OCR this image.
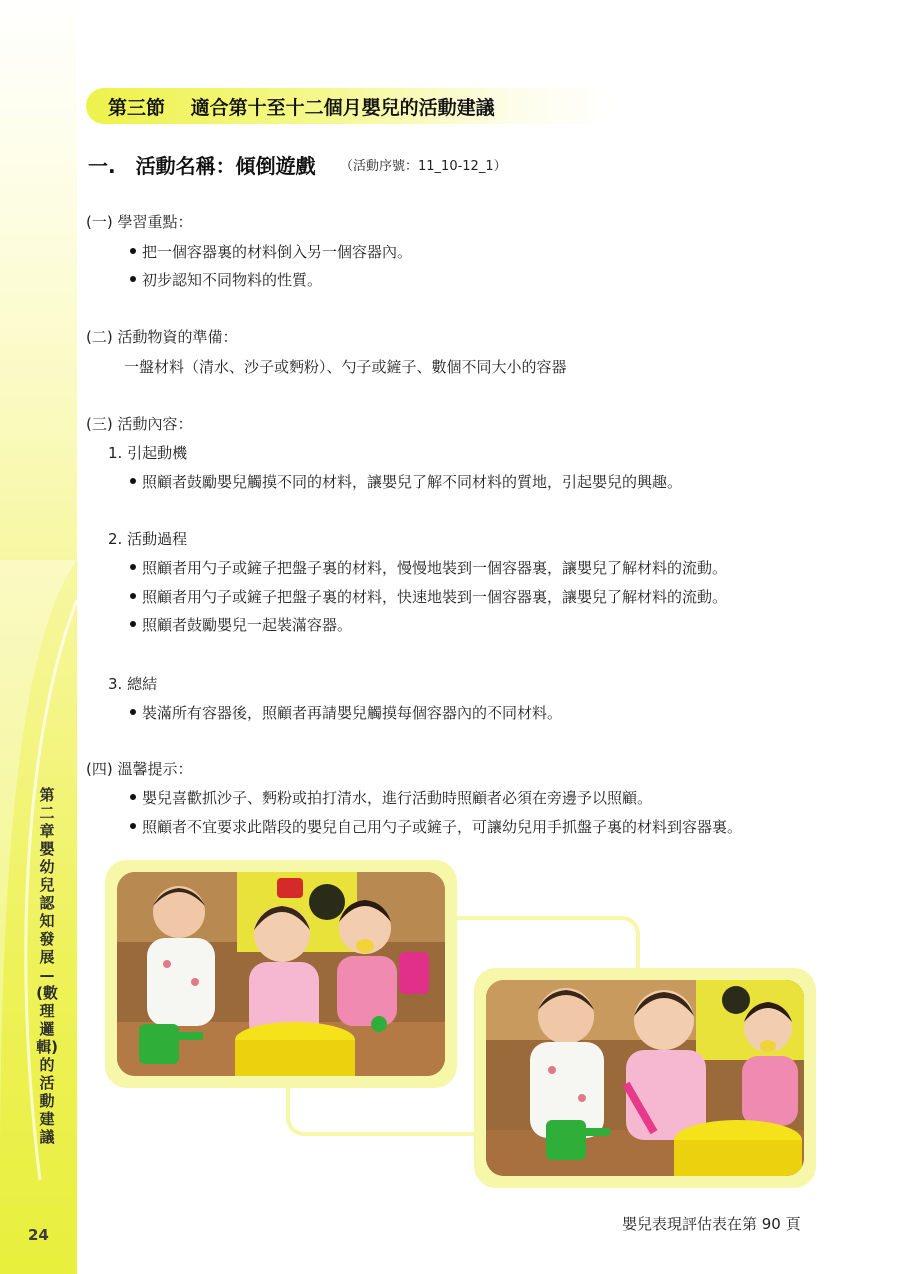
第二章　嬰幼兒認知發展—(數理邏輯)的活動建議
24
第三節　 適合第十至十二個月嬰兒的活動建議
一.　活動名稱：傾倒遊戲 （活動序號：11_10-12_1）
(一) 學習重點：
把一個容器裏的材料倒入另一個容器內。
初步認知不同物料的性質。
(二) 活動物資的準備：
一盤材料（清水、沙子或麪粉）、勺子或鏟子、數個不同大小的容器
(三) 活動內容：
1. 引起動機
照顧者鼓勵嬰兒觸摸不同的材料，讓嬰兒了解不同材料的質地，引起嬰兒的興趣。
2. 活動過程
照顧者用勺子或鏟子把盤子裏的材料，慢慢地裝到一個容器裏，讓嬰兒了解材料的流動。
照顧者用勺子或鏟子把盤子裏的材料，快速地裝到一個容器裏，讓嬰兒了解材料的流動。
照顧者鼓勵嬰兒一起裝滿容器。
3. 總結
裝滿所有容器後，照顧者再請嬰兒觸摸每個容器內的不同材料。
(四) 溫馨提示：
嬰兒喜歡抓沙子、麪粉或拍打清水，進行活動時照顧者必須在旁邊予以照顧。
照顧者不宜要求此階段的嬰兒自己用勺子或鏟子，可讓幼兒用手抓盤子裏的材料到容器裏。
嬰兒表現評估表在第 90 頁
